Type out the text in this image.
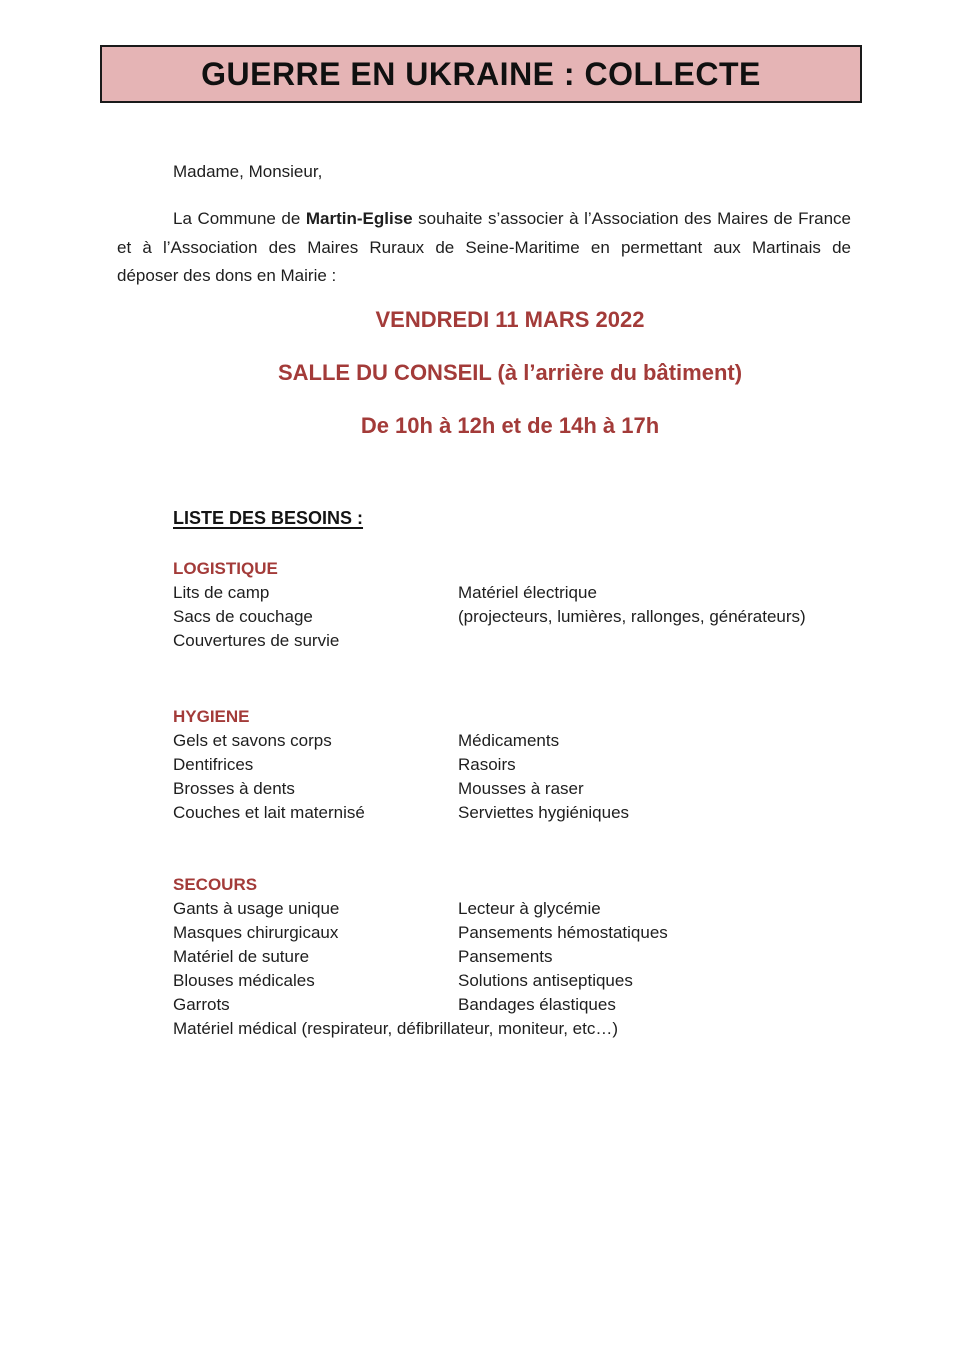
GUERRE EN UKRAINE : COLLECTE

Madame, Monsieur,

La Commune de Martin-Eglise souhaite s’associer à l’Association des Maires de France
et à l’Association des Maires Ruraux de Seine-Maritime en permettant aux Martinais de
déposer des dons en Mairie :
VENDREDI 11 MARS 2022
SALLE DU CONSEIL (à l’arrière du bâtiment)
De 10h à 12h et de 14h à 17h
LISTE DES BESOINS :
LOGISTIQUE
Lits de camp
Sacs de couchage
Couvertures de survie
Matériel électrique
(projecteurs, lumières, rallonges, générateurs)
HYGIENE
Gels et savons corps
Dentifrices
Brosses à dents
Couches et lait maternisé
Médicaments
Rasoirs
Mousses à raser
Serviettes hygiéniques
SECOURS
Gants à usage unique
Masques chirurgicaux
Matériel de suture
Blouses médicales
Garrots
Lecteur à glycémie
Pansements hémostatiques
Pansements
Solutions antiseptiques
Bandages élastiques
Matériel médical (respirateur, défibrillateur, moniteur, etc…)
